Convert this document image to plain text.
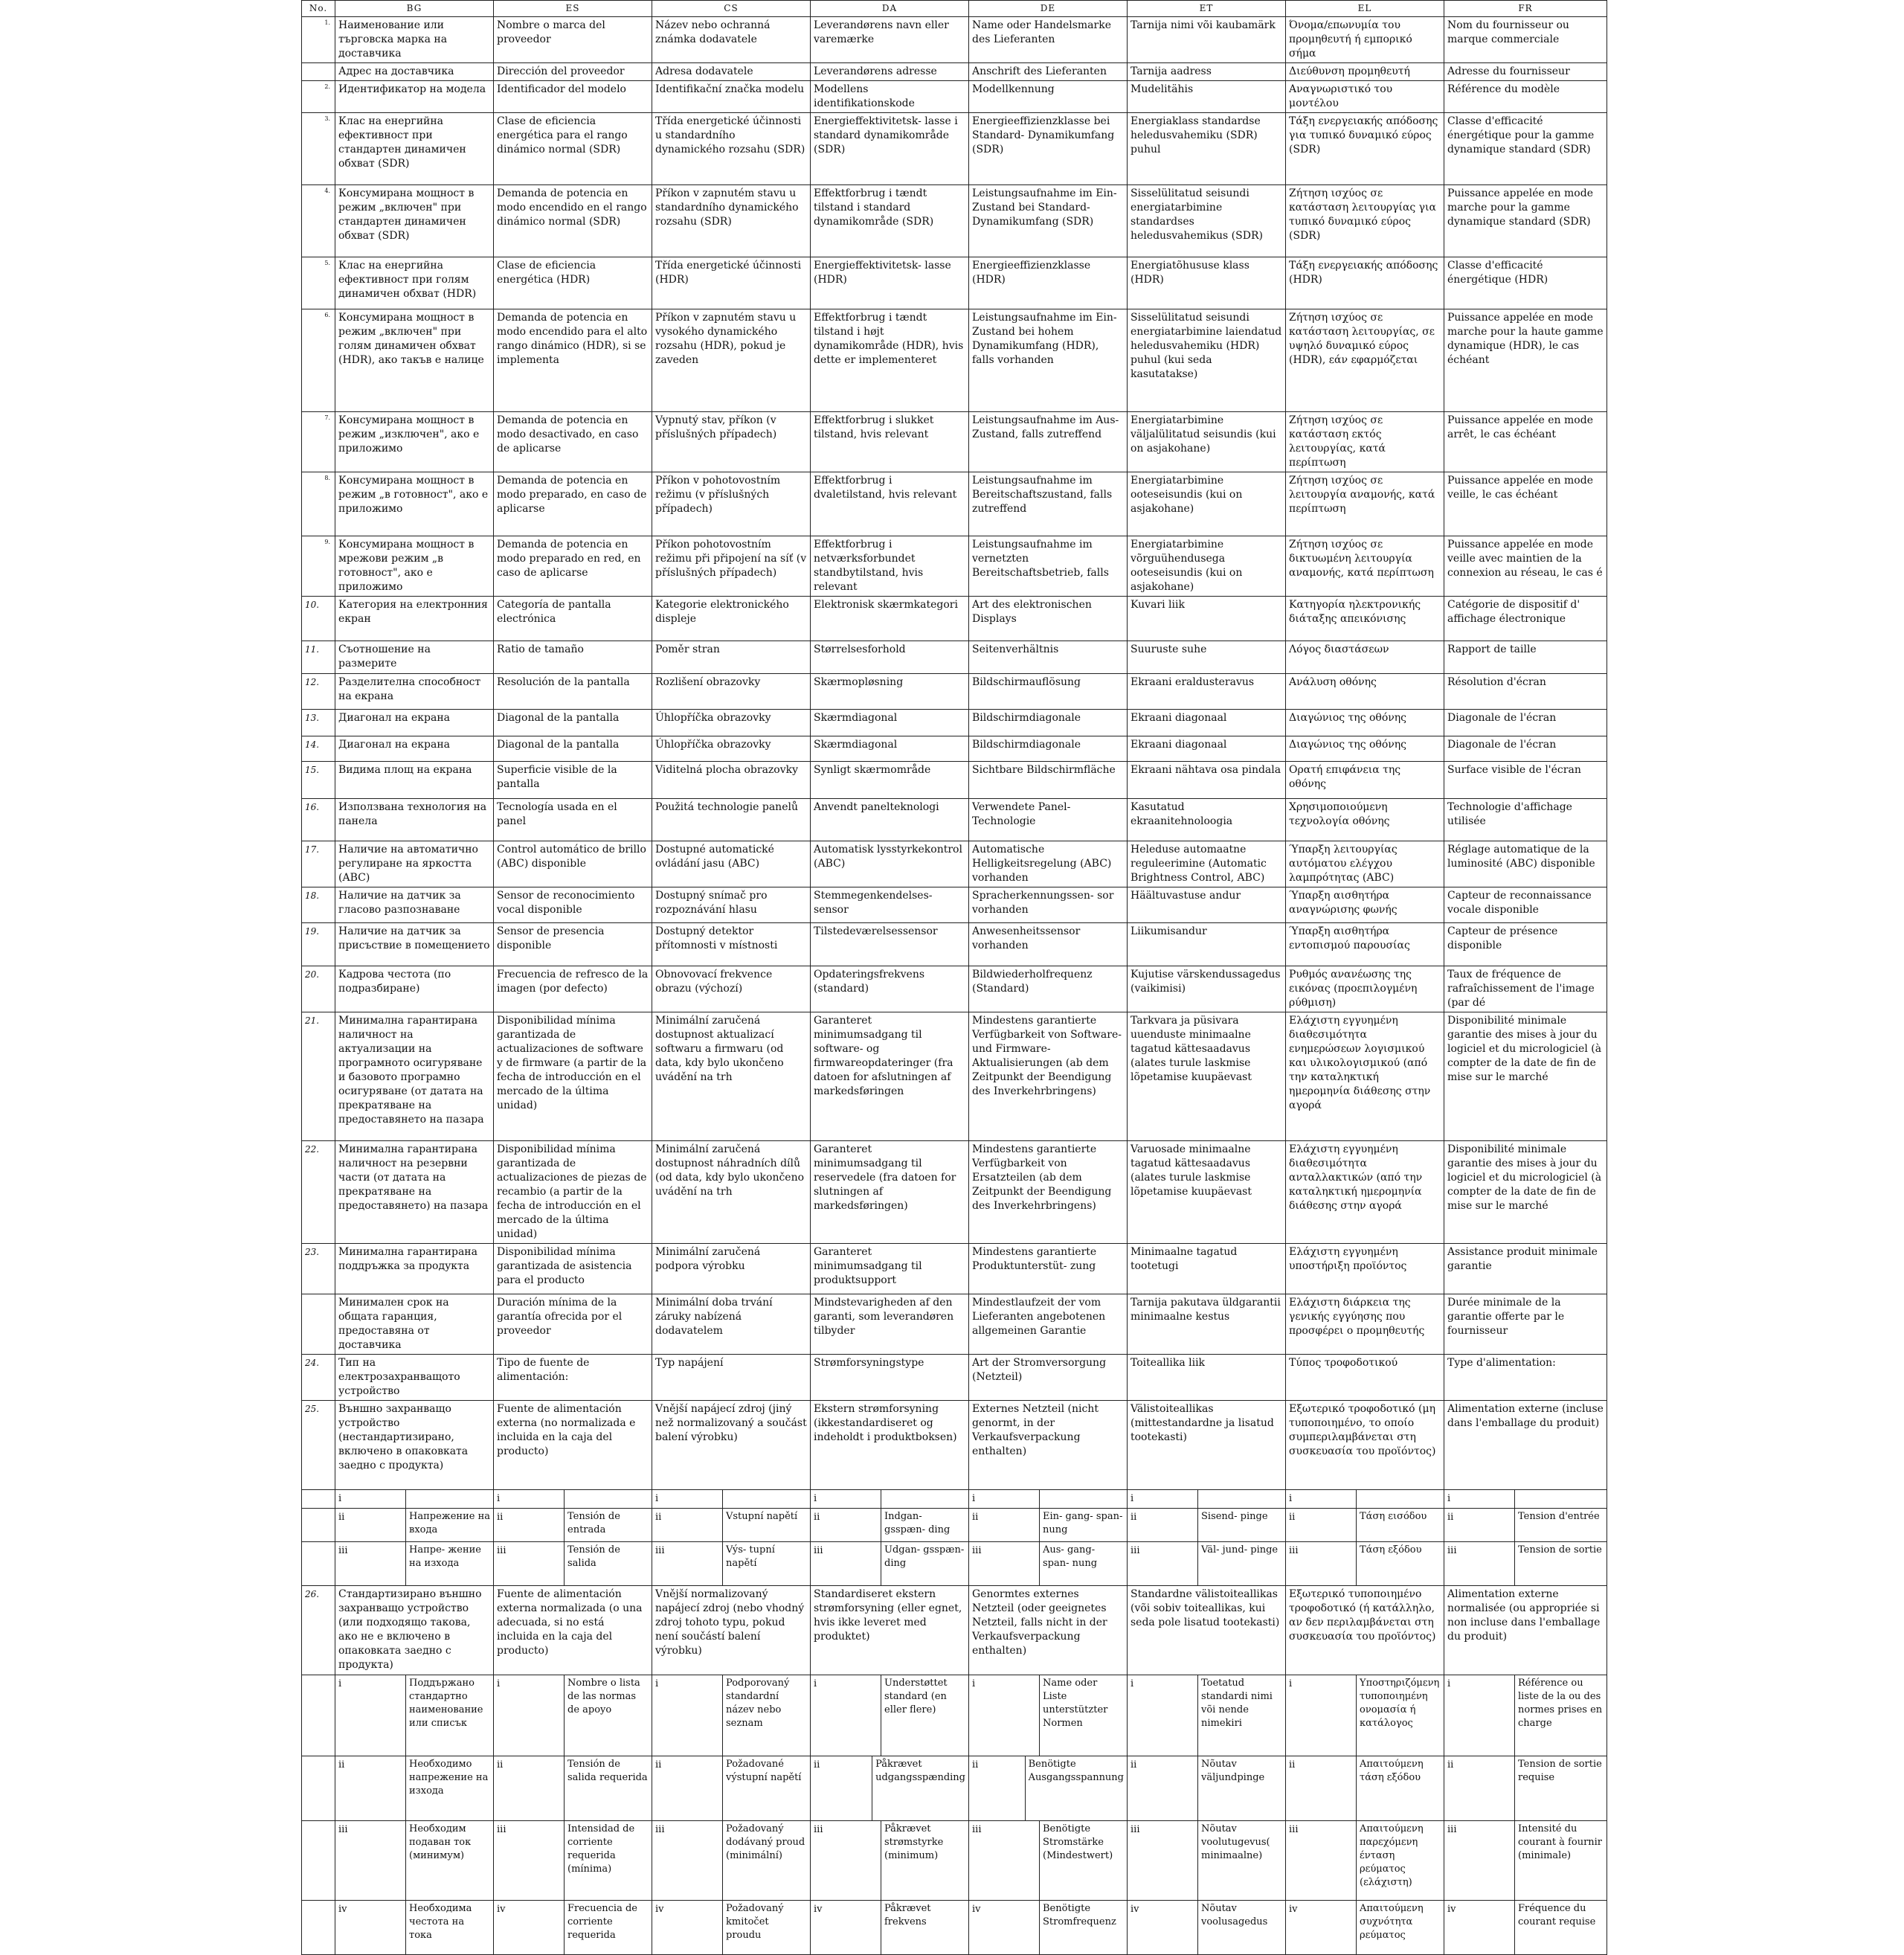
No.	BG	ES	CS	DA	DE	ET	EL	FR
1.	Наименование или търговска марка на доставчика	Nombre o marca del proveedor	Název nebo ochranná známka dodavatele	Leverandørens navn eller varemærke	Name oder Handelsmarke des Lieferanten	Tarnija nimi või kaubamärk	Όνομα/επωνυμία του προμηθευτή ή εμπορικό σήμα	Nom du fournisseur ou marque commerciale
	Адрес на доставчика	Dirección del proveedor	Adresa dodavatele	Leverandørens adresse	Anschrift des Lieferanten	Tarnija aadress	Διεύθυνση προμηθευτή	Adresse du fournisseur
2.	Идентификатор на модела	Identificador del modelo	Identifikační značka modelu	Modellens identifikationskode	Modellkennung	Mudelitähis	Αναγνωριστικό του μοντέλου	Référence du modèle
3.	Клас на енергийна ефективност при стандартен динамичен обхват (SDR)	Clase de eficiencia energética para el rango dinámico normal (SDR)	Třída energetické účinnosti u standardního dynamického rozsahu (SDR)	Energieffektivitetsk- lasse i standard dynamikområde (SDR)	Energieeffizienzklasse bei Standard- Dynamikumfang (SDR)	Energiaklass standardse heledusvahemiku (SDR) puhul	Τάξη ενεργειακής απόδοσης για τυπικό δυναμικό εύρος (SDR)	Classe d'efficacité énergétique pour la gamme dynamique standard (SDR)
4.	Консумирана мощност в режим „включен" при стандартен динамичен обхват (SDR)	Demanda de potencia en modo encendido en el rango dinámico normal (SDR)	Příkon v zapnutém stavu u standardního dynamického rozsahu (SDR)	Effektforbrug i tændt tilstand i standard dynamikområde (SDR)	Leistungsaufnahme im Ein-Zustand bei Standard-Dynamikumfang (SDR)	Sisselülitatud seisundi energiatarbimine standardses heledusvahemikus (SDR)	Ζήτηση ισχύος σε κατάσταση λειτουργίας για τυπικό δυναμικό εύρος (SDR)	Puissance appelée en mode marche pour la gamme dynamique standard (SDR)
5.	Клас на енергийна ефективност при голям динамичен обхват (HDR)	Clase de eficiencia energética (HDR)	Třída energetické účinnosti (HDR)	Energieffektivitetsk- lasse (HDR)	Energieeffizienzklasse (HDR)	Energiatõhususe klass (HDR)	Τάξη ενεργειακής απόδοσης (HDR)	Classe d'efficacité énergétique (HDR)
6.	Консумирана мощност в режим „включен" при голям динамичен обхват (HDR), ако такъв е налице	Demanda de potencia en modo encendido para el alto rango dinámico (HDR), si se implementa	Příkon v zapnutém stavu u vysokého dynamického rozsahu (HDR), pokud je zaveden	Effektforbrug i tændt tilstand i højt dynamikområde (HDR), hvis dette er implementeret	Leistungsaufnahme im Ein-Zustand bei hohem Dynamikumfang (HDR), falls vorhanden	Sisselülitatud seisundi energiatarbimine laiendatud heledusvahemiku (HDR) puhul (kui seda kasutatakse)	Ζήτηση ισχύος σε κατάσταση λειτουργίας, σε υψηλό δυναμικό εύρος (HDR), εάν εφαρμόζεται	Puissance appelée en mode marche pour la haute gamme dynamique (HDR), le cas échéant
7.	Консумирана мощност в режим „изключен", ако е приложимо	Demanda de potencia en modo desactivado, en caso de aplicarse	Vypnutý stav, příkon (v příslušných případech)	Effektforbrug i slukket tilstand, hvis relevant	Leistungsaufnahme im Aus-Zustand, falls zutreffend	Energiatarbimine väljalülitatud seisundis (kui on asjakohane)	Ζήτηση ισχύος σε κατάσταση εκτός λειτουργίας, κατά περίπτωση	Puissance appelée en mode arrêt, le cas échéant
8.	Консумирана мощност в режим „в готовност", ако е приложимо	Demanda de potencia en modo preparado, en caso de aplicarse	Příkon v pohotovostním režimu (v příslušných případech)	Effektforbrug i dvaletilstand, hvis relevant	Leistungsaufnahme im Bereitschaftszustand, falls zutreffend	Energiatarbimine ooteseisundis (kui on asjakohane)	Ζήτηση ισχύος σε λειτουργία αναμονής, κατά περίπτωση	Puissance appelée en mode veille, le cas échéant
9.	Консумирана мощност в мрежови режим „в готовност", ако е приложимо	Demanda de potencia en modo preparado en red, en caso de aplicarse	Příkon pohotovostním režimu při připojení na síť (v příslušných případech)	Effektforbrug i netværksforbundet standbytilstand, hvis relevant	Leistungsaufnahme im vernetzten Bereitschaftsbetrieb, falls	Energiatarbimine võrguühendusega ooteseisundis (kui on asjakohane)	Ζήτηση ισχύος σε δικτυωμένη λειτουργία αναμονής, κατά περίπτωση	Puissance appelée en mode veille avec maintien de la connexion au réseau, le cas é
10.	Категория на електронния екран	Categoría de pantalla electrónica	Kategorie elektronického displeje	Elektronisk skærmkategori	Art des elektronischen Displays	Kuvari liik	Κατηγορία ηλεκτρονικής διάταξης απεικόνισης	Catégorie de dispositif d' affichage électronique
11.	Съотношение на размерите	Ratio de tamaño	Poměr stran	Størrelsesforhold	Seitenverhältnis	Suuruste suhe	Λόγος διαστάσεων	Rapport de taille
12.	Разделителна способност на екрана	Resolución de la pantalla	Rozlišení obrazovky	Skærmopløsning	Bildschirmauflösung	Ekraani eraldusteravus	Ανάλυση οθόνης	Résolution d'écran
13.	Диагонал на екрана	Diagonal de la pantalla	Úhlopříčka obrazovky	Skærmdiagonal	Bildschirmdiagonale	Ekraani diagonaal	Διαγώνιος της οθόνης	Diagonale de l'écran
14.	Диагонал на екрана	Diagonal de la pantalla	Úhlopříčka obrazovky	Skærmdiagonal	Bildschirmdiagonale	Ekraani diagonaal	Διαγώνιος της οθόνης	Diagonale de l'écran
15.	Видима площ на екрана	Superficie visible de la pantalla	Viditelná plocha obrazovky	Synligt skærmområde	Sichtbare Bildschirmfläche	Ekraani nähtava osa pindala	Ορατή επιφάνεια της οθόνης	Surface visible de l'écran
16.	Използвана технология на панела	Tecnología usada en el panel	Použitá technologie panelů	Anvendt panelteknologi	Verwendete Panel-Technologie	Kasutatud ekraanitehnoloogia	Χρησιμοποιούμενη τεχνολογία οθόνης	Technologie d'affichage utilisée
17.	Наличие на автоматично регулиране на яркостта (ABC)	Control automático de brillo (ABC) disponible	Dostupné automatické ovládání jasu (ABC)	Automatisk lysstyrkekontrol (ABC)	Automatische Helligkeitsregelung (ABC) vorhanden	Heleduse automaatne reguleerimine (Automatic Brightness Control, ABC)	Ύπαρξη λειτουργίας αυτόματου ελέγχου λαμπρότητας (ABC)	Réglage automatique de la luminosité (ABC) disponible
18.	Наличие на датчик за гласово разпознаване	Sensor de reconocimiento vocal disponible	Dostupný snímač pro rozpoznávání hlasu	Stemmegenkendelses- sensor	Spracherkennungssen- sor vorhanden	Häältuvastuse andur	Ύπαρξη αισθητήρα αναγνώρισης φωνής	Capteur de reconnaissance vocale disponible
19.	Наличие на датчик за присъствие в помещението	Sensor de presencia disponible	Dostupný detektor přítomnosti v místnosti	Tilstedeværelsessensor	Anwesenheitssensor vorhanden	Liikumisandur	Ύπαρξη αισθητήρα εντοπισμού παρουσίας	Capteur de présence disponible
20.	Кадрова честота (по подразбиране)	Frecuencia de refresco de la imagen (por defecto)	Obnovovací frekvence obrazu (výchozí)	Opdateringsfrekvens (standard)	Bildwiederholfrequenz (Standard)	Kujutise värskendussagedus (vaikimisi)	Ρυθμός ανανέωσης της εικόνας (προεπιλογμένη ρύθμιση)	Taux de fréquence de rafraîchissement de l'image (par dé
21.	Минимална гарантирана наличност на актуализации на програмното осигуряване и базовото програмно осигуряване (от датата на прекратяване на предоставянето на пазара	Disponibilidad mínima garantizada de actualizaciones de software y de firmware (a partir de la fecha de introducción en el mercado de la última unidad)	Minimální zaručená dostupnost aktualizací softwaru a firmwaru (od data, kdy bylo ukončeno uvádění na trh	Garanteret minimumsadgang til software- og firmwareopdateringer (fra datoen for afslutningen af markedsføringen	Mindestens garantierte Verfügbarkeit von Software- und Firmware- Aktualisierungen (ab dem Zeitpunkt der Beendigung des Inverkehrbringens)	Tarkvara ja püsivara uuenduste minimaalne tagatud kättesaadavus (alates turule laskmise lõpetamise kuupäevast	Ελάχιστη εγγυημένη διαθεσιμότητα ενημερώσεων λογισμικού και υλικολογισμικού (από την καταληκτική ημερομηνία διάθεσης στην αγορά	Disponibilité minimale garantie des mises à jour du logiciel et du micrologiciel (à compter de la date de fin de mise sur le marché
22.	Минимална гарантирана наличност на резервни части (от датата на прекратяване на предоставянето) на пазара	Disponibilidad mínima garantizada de actualizaciones de piezas de recambio (a partir de la fecha de introducción en el mercado de la última unidad)	Minimální zaručená dostupnost náhradních dílů (od data, kdy bylo ukončeno uvádění na trh	Garanteret minimumsadgang til reservedele (fra datoen for slutningen af markedsføringen)	Mindestens garantierte Verfügbarkeit von Ersatzteilen (ab dem Zeitpunkt der Beendigung des Inverkehrbringens)	Varuosade minimaalne tagatud kättesaadavus (alates turule laskmise lõpetamise kuupäevast	Ελάχιστη εγγυημένη διαθεσιμότητα ανταλλακτικών (από την καταληκτική ημερομηνία διάθεσης στην αγορά	Disponibilité minimale garantie des mises à jour du logiciel et du micrologiciel (à compter de la date de fin de mise sur le marché
23.	Минимална гарантирана поддръжка за продукта	Disponibilidad mínima garantizada de asistencia para el producto	Minimální zaručená podpora výrobku	Garanteret minimumsadgang til produktsupport	Mindestens garantierte Produktunterstüt- zung	Minimaalne tagatud tootetugi	Ελάχιστη εγγυημένη υποστήριξη προϊόντος	Assistance produit minimale garantie
	Минимален срок на общата гаранция, предоставяна от доставчика	Duración mínima de la garantía ofrecida por el proveedor	Minimální doba trvání záruky nabízená dodavatelem	Mindstevarigheden af den garanti, som leverandøren tilbyder	Mindestlaufzeit der vom Lieferanten angebotenen allgemeinen Garantie	Tarnija pakutava üldgarantii minimaalne kestus	Ελάχιστη διάρκεια της γενικής εγγύησης που προσφέρει ο προμηθευτής	Durée minimale de la garantie offerte par le fournisseur
24.	Тип на електрозахранващото устройство	Tipo de fuente de alimentación:	Typ napájení	Strømforsyningstype	Art der Stromversorgung (Netzteil)	Toiteallika liik	Τύπος τροφοδοτικού	Type d'alimentation:
25.	Външно захранващо устройство (нестандартизирано, включено в опаковката заедно с продукта)	Fuente de alimentación externa (no normalizada e incluida en la caja del producto)	Vnější napájecí zdroj (jiný než normalizovaný a součást balení výrobku)	Ekstern strømforsyning (ikkestandardiseret og indeholdt i produktboksen)	Externes Netzteil (nicht genormt, in der Verkaufsverpackung enthalten)	Välistoiteallikas (mittestandardne ja lisatud tootekasti)	Εξωτερικό τροφοδοτικό (μη τυποποιημένο, το οποίο συμπεριλαμβάνεται στη συσκευασία του προϊόντος)	Alimentation externe (incluse dans l'emballage du produit)

	i	i	i	i	i	i	i	i

	ii Напрежение на входа	ii Tensión de entrada	ii Vstupní napětí	ii Indgan- gsspæn- ding	ii Ein- gang- span- nung	ii Sisend- pinge	ii Τάση εισόδου	ii Tension d'entrée

	iii Напре- жение на изхода	iii Tensión de salida	iii Výs- tupní napětí	iii Udgan- gsspæn- ding	iii Aus- gang- span- nung	iii Väl- jund- pinge	iii Τάση εξόδου	iii Tension de sortie

26.	Стандартизирано външно захранващо устройство (или подходящо такова, ако не е включено в опаковката заедно с продукта)	Fuente de alimentación externa normalizada (o una adecuada, si no está incluida en la caja del producto)	Vnější normalizovaný napájecí zdroj (nebo vhodný zdroj tohoto typu, pokud není součástí balení výrobku)	Standardiseret ekstern strømforsyning (eller egnet, hvis ikke leveret med produktet)	Genormtes externes Netzteil (oder geeignetes Netzteil, falls nicht in der Verkaufsverpackung enthalten)	Standardne välistoiteallikas (või sobiv toiteallikas, kui seda pole lisatud tootekasti)	Εξωτερικό τυποποιημένο τροφοδοτικό (ή κατάλληλο, αν δεν περιλαμβάνεται στη συσκευασία του προϊόντος)	Alimentation externe normalisée (ou appropriée si non incluse dans l'emballage du produit)

	i Поддържано стандартно наименование или списък	i Nombre o lista de las normas de apoyo	i Podporovaný standardní název nebo seznam	i Understøttet standard (en eller flere)	i Name oder Liste unterstützter Normen	i Toetatud standardi nimi või nende nimekiri	i Υποστηριζόμενη τυποποιημένη ονομασία ή κατάλογος	i Référence ou liste de la ou des normes prises en charge

	ii Необходимо напрежение на изхода	ii Tensión de salida requerida	ii Požadované výstupní napětí	ii Påkrævet udgangsspænding	ii Benötigte Ausgangsspannung	ii Nõutav väljundpinge	ii Απαιτούμενη τάση εξόδου	ii Tension de sortie requise

	iii Необходим подаван ток (минимум)	iii Intensidad de corriente requerida (mínima)	iii Požadovaný dodávaný proud (minimální)	iii Påkrævet strømstyrke (minimum)	iii Benötigte Stromstärke (Mindestwert)	iii Nõutav voolutugevus( minimaalne)	iii Απαιτούμενη παρεχόμενη ένταση ρεύματος (ελάχιστη)	iii Intensité du courant à fournir (minimale)

	iv Необходима честота на тока	iv Frecuencia de corriente requerida	iv Požadovaný kmitočet proudu	iv Påkrævet frekvens	iv Benötigte Stromfrequenz	iv Nõutav voolusagedus	iv Απαιτούμενη συχνότητα ρεύματος	iv Fréquence du courant requise
